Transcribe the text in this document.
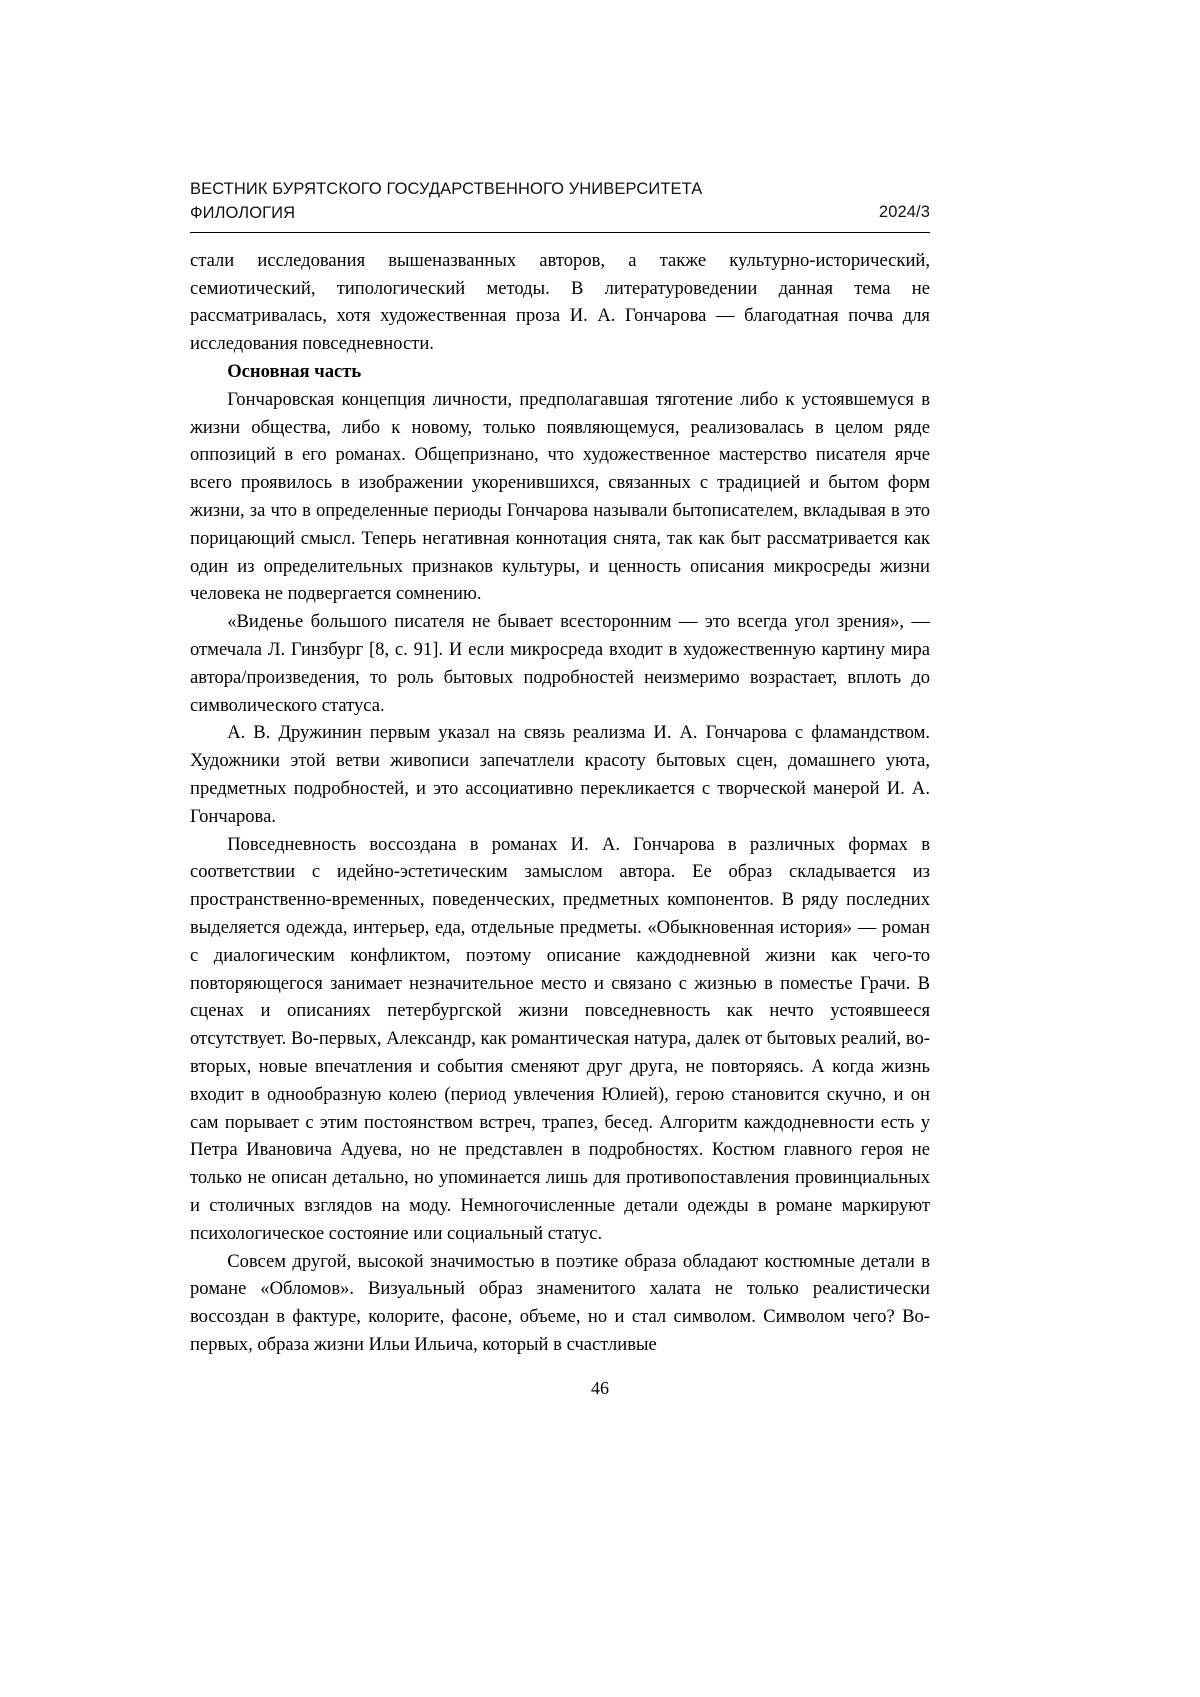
ВЕСТНИК БУРЯТСКОГО ГОСУДАРСТВЕННОГО УНИВЕРСИТЕТА
ФИЛОЛОГИЯ	2024/3

стали исследования вышеназванных авторов, а также культурно-исторический, семиотический, типологический методы. В литературоведении данная тема не рассматривалась, хотя художественная проза И. А. Гончарова — благодатная почва для исследования повседневности.

Основная часть

Гончаровская концепция личности, предполагавшая тяготение либо к устоявшемуся в жизни общества, либо к новому, только появляющемуся, реализовалась в целом ряде оппозиций в его романах. Общепризнано, что художественное мастерство писателя ярче всего проявилось в изображении укоренившихся, связанных с традицией и бытом форм жизни, за что в определенные периоды Гончарова называли бытописателем, вкладывая в это порицающий смысл. Теперь негативная коннотация снята, так как быт рассматривается как один из определительных признаков культуры, и ценность описания микросреды жизни человека не подвергается сомнению.

«Виденье большого писателя не бывает всесторонним — это всегда угол зрения», — отмечала Л. Гинзбург [8, с. 91]. И если микросреда входит в художественную картину мира автора/произведения, то роль бытовых подробностей неизмеримо возрастает, вплоть до символического статуса.

А. В. Дружинин первым указал на связь реализма И. А. Гончарова с фламандством. Художники этой ветви живописи запечатлели красоту бытовых сцен, домашнего уюта, предметных подробностей, и это ассоциативно перекликается с творческой манерой И. А. Гончарова.

Повседневность воссоздана в романах И. А. Гончарова в различных формах в соответствии с идейно-эстетическим замыслом автора. Ее образ складывается из пространственно-временных, поведенческих, предметных компонентов. В ряду последних выделяется одежда, интерьер, еда, отдельные предметы. «Обыкновенная история» — роман с диалогическим конфликтом, поэтому описание каждодневной жизни как чего-то повторяющегося занимает незначительное место и связано с жизнью в поместье Грачи. В сценах и описаниях петербургской жизни повседневность как нечто устоявшееся отсутствует. Во-первых, Александр, как романтическая натура, далек от бытовых реалий, во-вторых, новые впечатления и события сменяют друг друга, не повторяясь. А когда жизнь входит в однообразную колею (период увлечения Юлией), герою становится скучно, и он сам порывает с этим постоянством встреч, трапез, бесед. Алгоритм каждодневности есть у Петра Ивановича Адуева, но не представлен в подробностях. Костюм главного героя не только не описан детально, но упоминается лишь для противопоставления провинциальных и столичных взглядов на моду. Немногочисленные детали одежды в романе маркируют психологическое состояние или социальный статус.

Совсем другой, высокой значимостью в поэтике образа обладают костюмные детали в романе «Обломов». Визуальный образ знаменитого халата не только реалистически воссоздан в фактуре, колорите, фасоне, объеме, но и стал символом. Символом чего? Во-первых, образа жизни Ильи Ильича, который в счастливые

46
